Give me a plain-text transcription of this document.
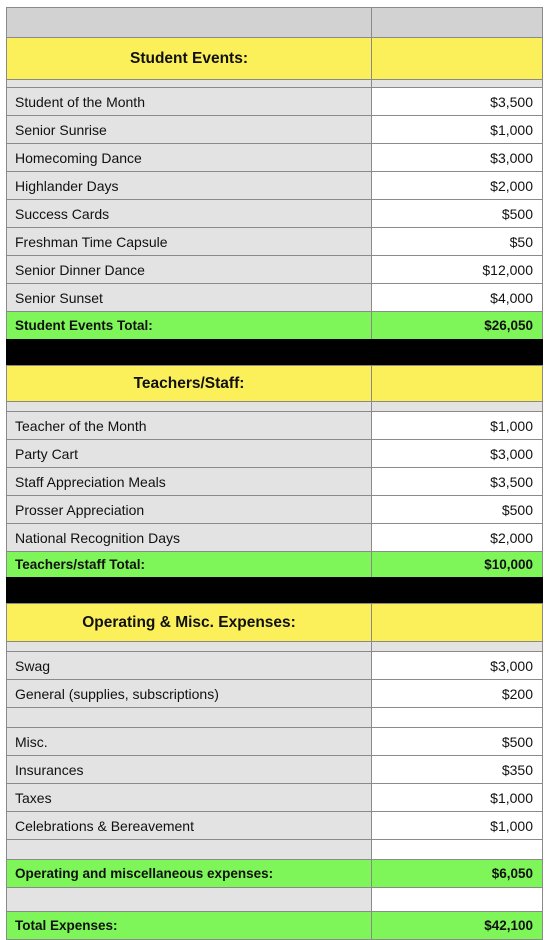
Student Events:
Student of the Month	$3,500
Senior Sunrise	$1,000
Homecoming Dance	$3,000
Highlander Days	$2,000
Success Cards	$500
Freshman Time Capsule	$50
Senior Dinner Dance	$12,000
Senior Sunset	$4,000
Student Events Total:	$26,050
Teachers/Staff:
Teacher of the Month	$1,000
Party Cart	$3,000
Staff Appreciation Meals	$3,500
Prosser Appreciation	$500
National Recognition Days	$2,000
Teachers/staff Total:	$10,000
Operating & Misc. Expenses:
Swag	$3,000
General (supplies, subscriptions)	$200
Misc.	$500
Insurances	$350
Taxes	$1,000
Celebrations & Bereavement	$1,000
Operating and miscellaneous expenses:	$6,050
Total Expenses:	$42,100
